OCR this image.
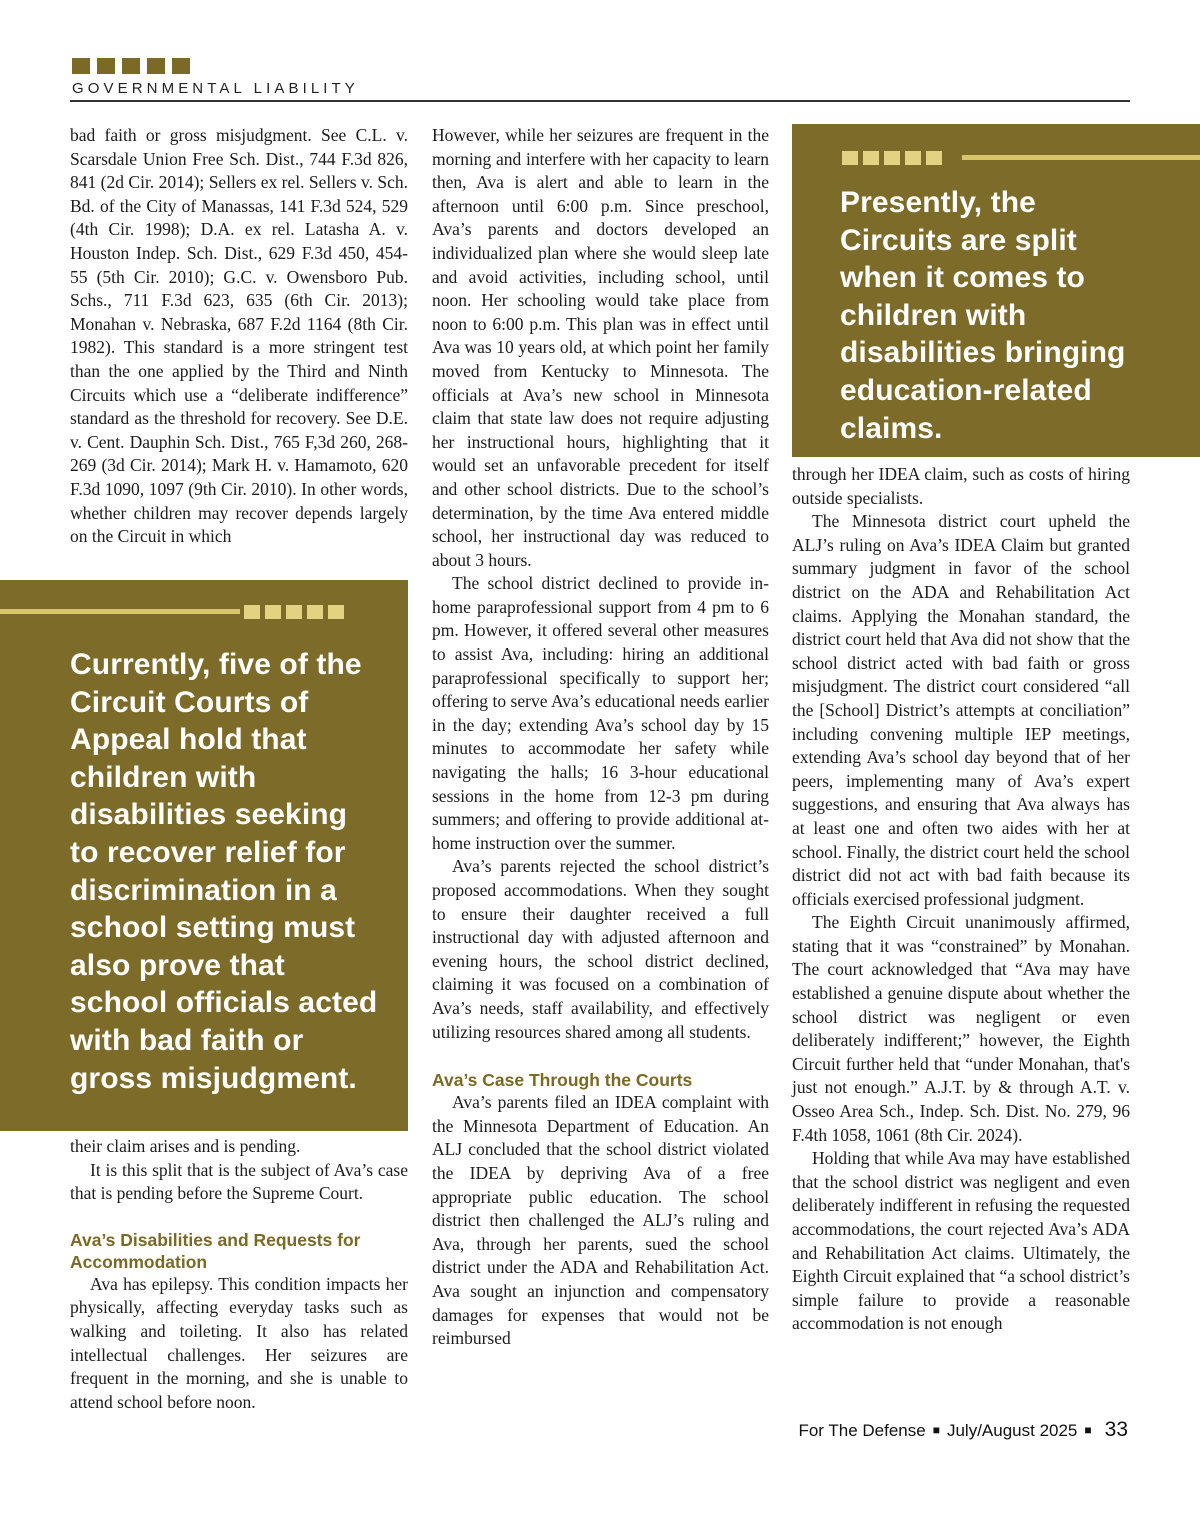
GOVERNMENTAL LIABILITY

bad faith or gross misjudgment. See C.L. v. Scarsdale Union Free Sch. Dist., 744 F.3d 826, 841 (2d Cir. 2014); Sellers ex rel. Sellers v. Sch. Bd. of the City of Manassas, 141 F.3d 524, 529 (4th Cir. 1998); D.A. ex rel. Latasha A. v. Houston Indep. Sch. Dist., 629 F.3d 450, 454-55 (5th Cir. 2010); G.C. v. Owensboro Pub. Schs., 711 F.3d 623, 635 (6th Cir. 2013); Monahan v. Nebraska, 687 F.2d 1164 (8th Cir. 1982). This standard is a more stringent test than the one applied by the Third and Ninth Circuits which use a “deliberate indifference” standard as the threshold for recovery. See D.E. v. Cent. Dauphin Sch. Dist., 765 F,3d 260, 268-269 (3d Cir. 2014); Mark H. v. Hamamoto, 620 F.3d 1090, 1097 (9th Cir. 2010). In other words, whether children may recover depends largely on the Circuit in which

Currently, five of the Circuit Courts of Appeal hold that children with disabilities seeking to recover relief for discrimination in a school setting must also prove that school officials acted with bad faith or gross misjudgment.

their claim arises and is pending.

It is this split that is the subject of Ava’s case that is pending before the Supreme Court.

Ava’s Disabilities and Requests for Accommodation

Ava has epilepsy. This condition impacts her physically, affecting everyday tasks such as walking and toileting. It also has related intellectual challenges. Her seizures are frequent in the morning, and she is unable to attend school before noon.

However, while her seizures are frequent in the morning and interfere with her capacity to learn then, Ava is alert and able to learn in the afternoon until 6:00 p.m. Since preschool, Ava’s parents and doctors developed an individualized plan where she would sleep late and avoid activities, including school, until noon. Her schooling would take place from noon to 6:00 p.m. This plan was in effect until Ava was 10 years old, at which point her family moved from Kentucky to Minnesota. The officials at Ava’s new school in Minnesota claim that state law does not require adjusting her instructional hours, highlighting that it would set an unfavorable precedent for itself and other school districts. Due to the school’s determination, by the time Ava entered middle school, her instructional day was reduced to about 3 hours.

The school district declined to provide in-home paraprofessional support from 4 pm to 6 pm. However, it offered several other measures to assist Ava, including: hiring an additional paraprofessional specifically to support her; offering to serve Ava’s educational needs earlier in the day; extending Ava’s school day by 15 minutes to accommodate her safety while navigating the halls; 16 3-hour educational sessions in the home from 12-3 pm during summers; and offering to provide additional at-home instruction over the summer.

Ava’s parents rejected the school district’s proposed accommodations. When they sought to ensure their daughter received a full instructional day with adjusted afternoon and evening hours, the school district declined, claiming it was focused on a combination of Ava’s needs, staff availability, and effectively utilizing resources shared among all students.

Ava’s Case Through the Courts

Ava’s parents filed an IDEA complaint with the Minnesota Department of Education. An ALJ concluded that the school district violated the IDEA by depriving Ava of a free appropriate public education. The school district then challenged the ALJ’s ruling and Ava, through her parents, sued the school district under the ADA and Rehabilitation Act. Ava sought an injunction and compensatory damages for expenses that would not be reimbursed

Presently, the Circuits are split when it comes to children with disabilities bringing education-related claims.

through her IDEA claim, such as costs of hiring outside specialists.

The Minnesota district court upheld the ALJ’s ruling on Ava’s IDEA Claim but granted summary judgment in favor of the school district on the ADA and Rehabilitation Act claims. Applying the Monahan standard, the district court held that Ava did not show that the school district acted with bad faith or gross misjudgment. The district court considered “all the [School] District’s attempts at conciliation” including convening multiple IEP meetings, extending Ava’s school day beyond that of her peers, implementing many of Ava’s expert suggestions, and ensuring that Ava always has at least one and often two aides with her at school. Finally, the district court held the school district did not act with bad faith because its officials exercised professional judgment.

The Eighth Circuit unanimously affirmed, stating that it was “constrained” by Monahan. The court acknowledged that “Ava may have established a genuine dispute about whether the school district was negligent or even deliberately indifferent;” however, the Eighth Circuit further held that “under Monahan, that's just not enough.” A.J.T. by & through A.T. v. Osseo Area Sch., Indep. Sch. Dist. No. 279, 96 F.4th 1058, 1061 (8th Cir. 2024).

Holding that while Ava may have established that the school district was negligent and even deliberately indifferent in refusing the requested accommodations, the court rejected Ava’s ADA and Rehabilitation Act claims. Ultimately, the Eighth Circuit explained that “a school district’s simple failure to provide a reasonable accommodation is not enough

For The Defense ■ July/August 2025 ■ 33
